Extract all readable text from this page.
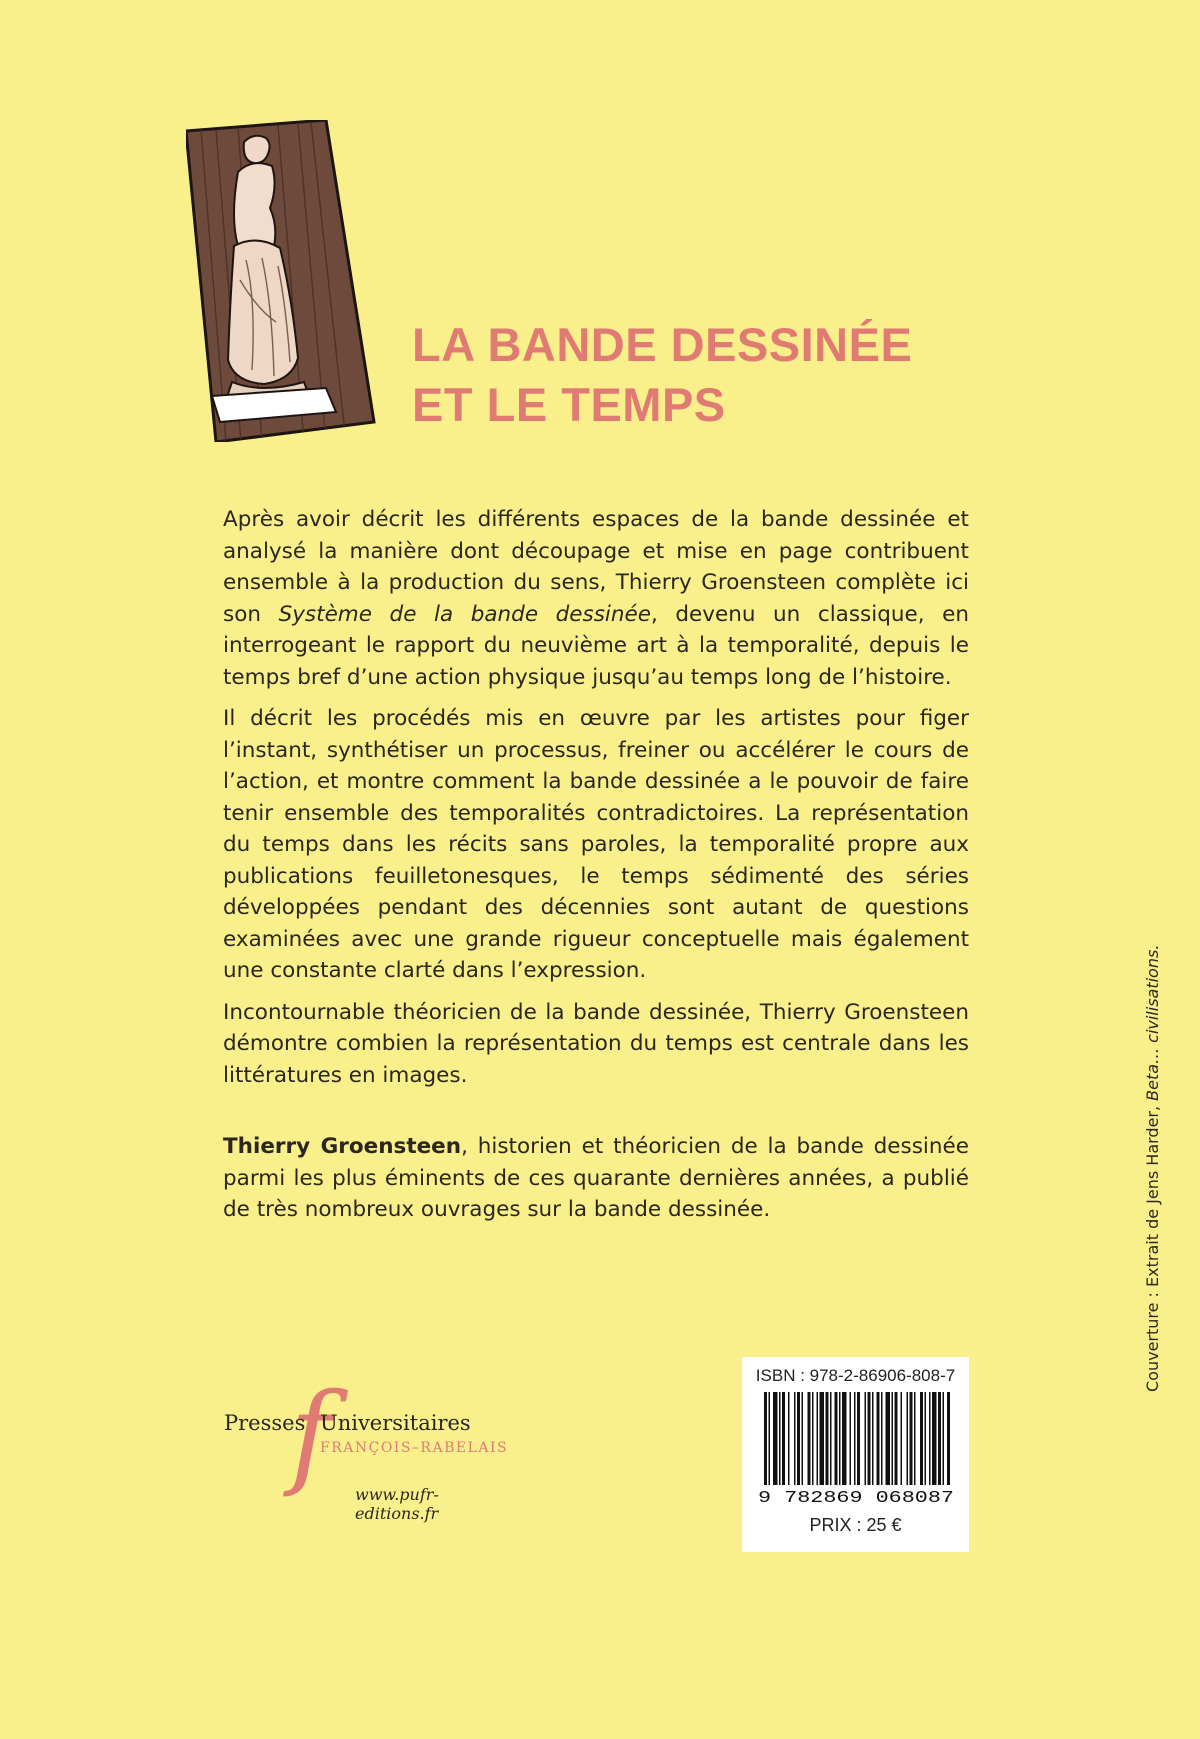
LA BANDE DESSINÉE
ET LE TEMPS

Après avoir décrit les différents espaces de la bande dessinée et analysé la manière dont découpage et mise en page contribuent ensemble à la production du sens, Thierry Groensteen complète ici son Système de la bande dessinée, devenu un classique, en interrogeant le rapport du neuvième art à la temporalité, depuis le temps bref d’une action physique jusqu’au temps long de l’histoire.

Il décrit les procédés mis en œuvre par les artistes pour figer l’instant, synthétiser un processus, freiner ou accélérer le cours de l’action, et montre comment la bande dessinée a le pouvoir de faire tenir ensemble des temporalités contradictoires. La représentation du temps dans les récits sans paroles, la temporalité propre aux publications feuilletonesques, le temps sédimenté des séries développées pendant des décennies sont autant de questions examinées avec une grande rigueur conceptuelle mais également une constante clarté dans l’expression.

Incontournable théoricien de la bande dessinée, Thierry Groensteen démontre combien la représentation du temps est centrale dans les littératures en images.

Thierry Groensteen, historien et théoricien de la bande dessinée parmi les plus éminents de ces quarante dernières années, a publié de très nombreux ouvrages sur la bande dessinée.	Couverture : Extrait de Jens Harder, Beta… civilisations.
f
Presses Universitaires
FRANÇOIS–RABELAIS
www.pufr-editions.fr
ISBN : 978-2-86906-808-7
9 782869 068087
PRIX : 25 €
